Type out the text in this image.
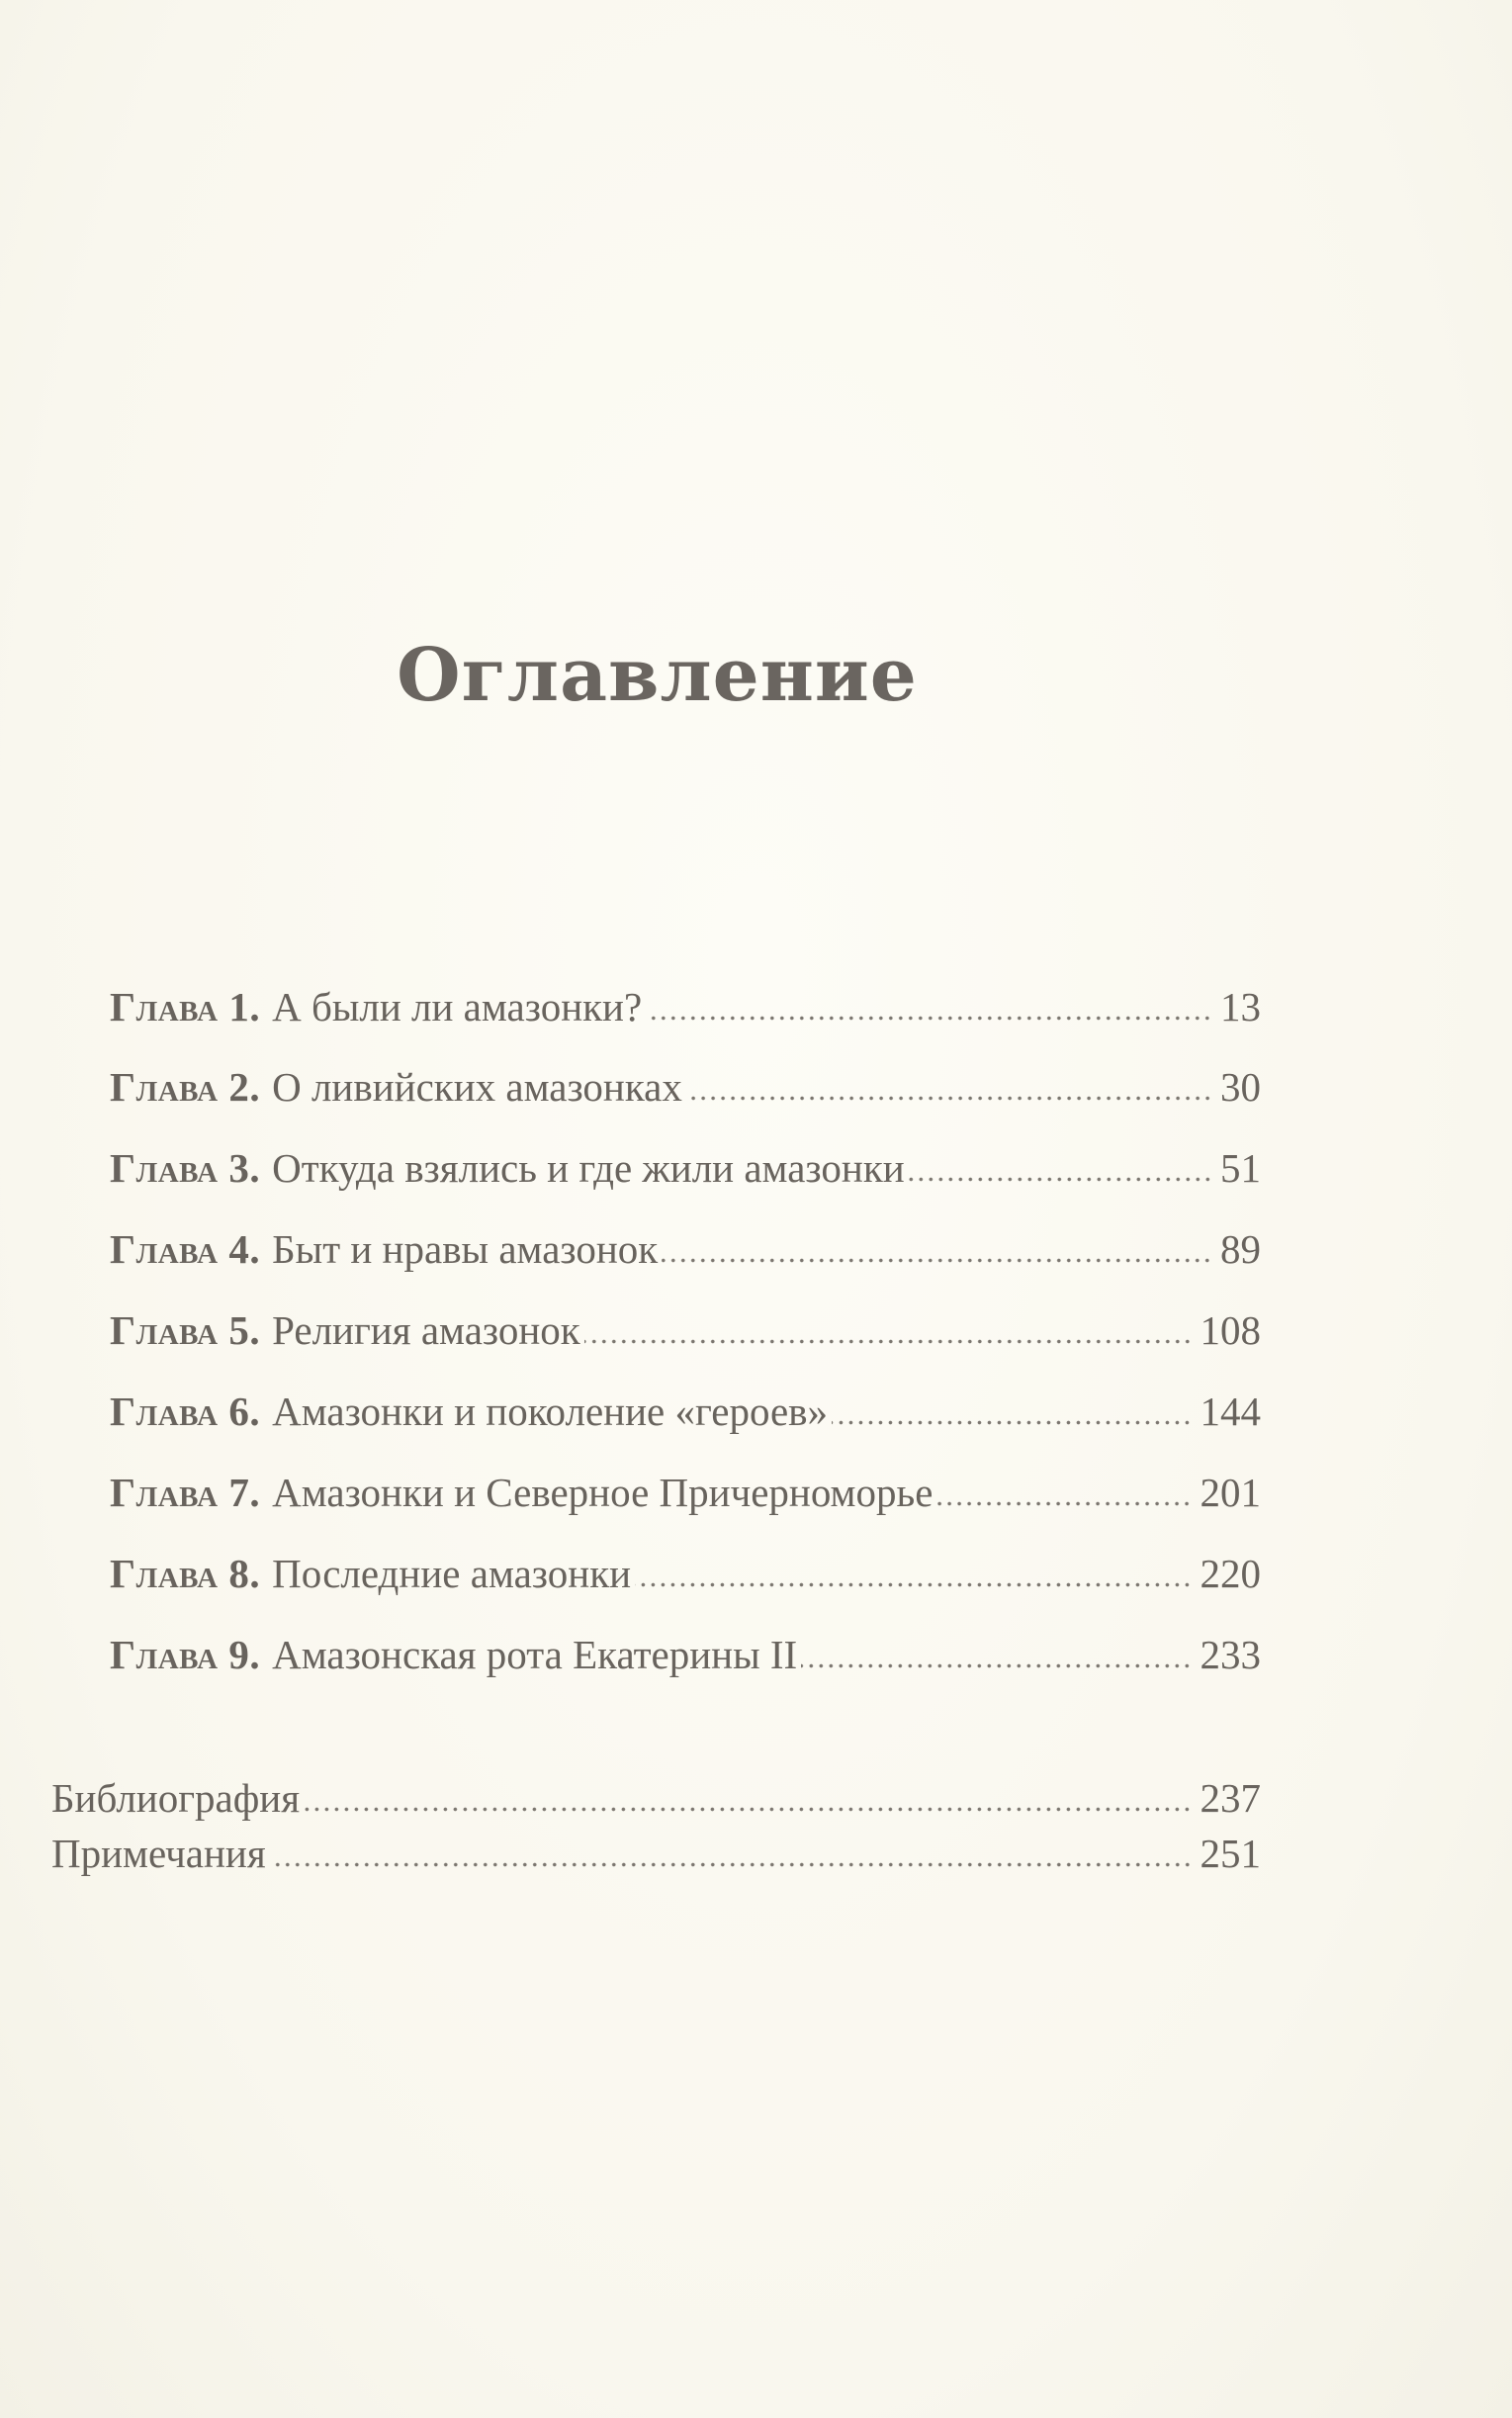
Оглавление
Глава 1. А были ли амазонки?	13
Глава 2. О ливийских амазонках	30
Глава 3. Откуда взялись и где жили амазонки	51
Глава 4. Быт и нравы амазонок	89
Глава 5. Религия амазонок	108
Глава 6. Амазонки и поколение «героев»	144
Глава 7. Амазонки и Северное Причерноморье	201
Глава 8. Последние амазонки	220
Глава 9. Амазонская рота Екатерины II	233
Библиография	237
Примечания	251
